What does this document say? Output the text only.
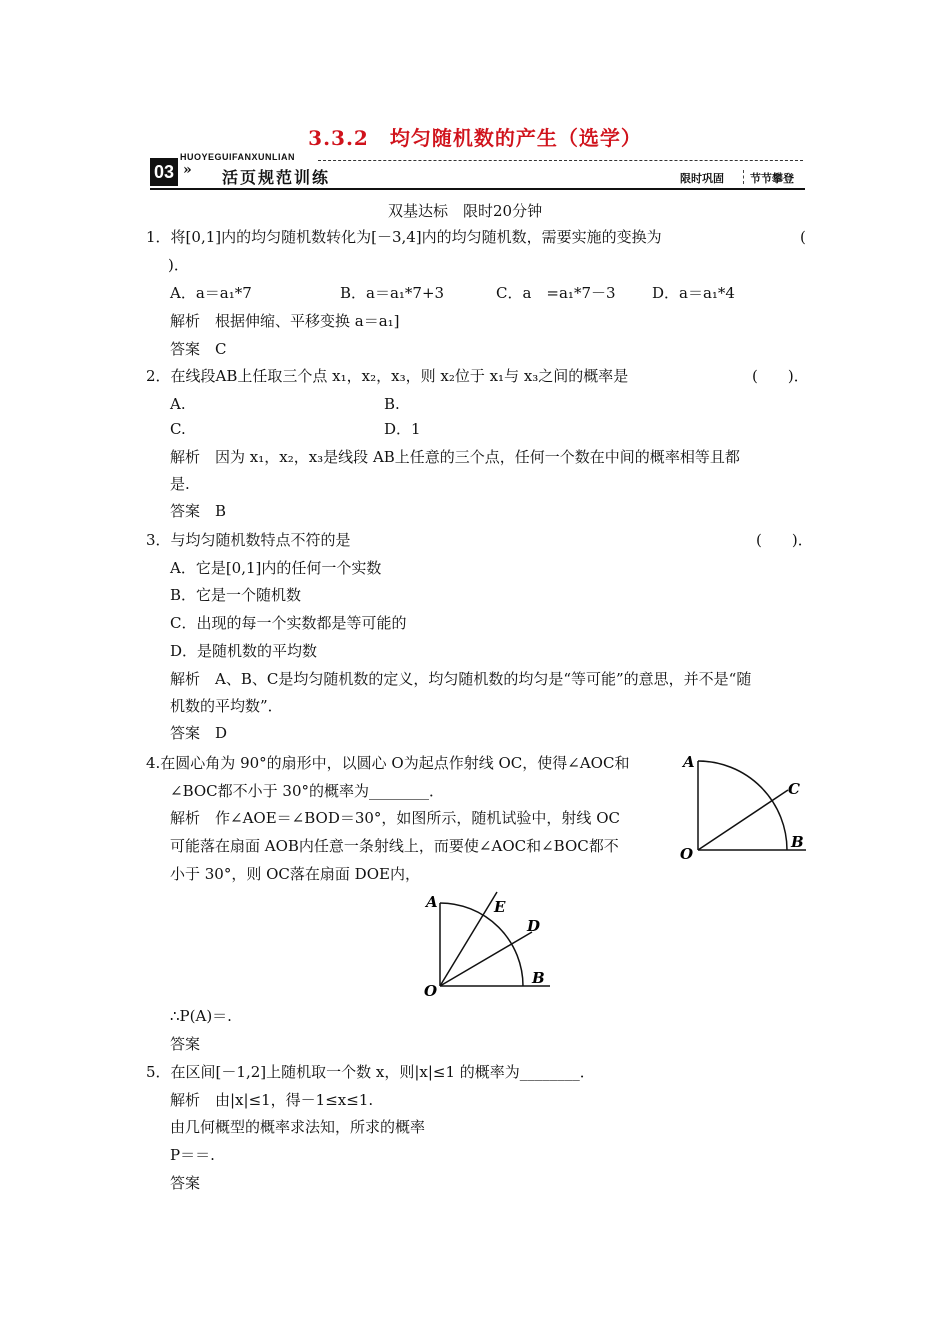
3.3.2　均匀随机数的产生（选学）
HUOYEGUIFANXUNLIAN
03 » 活页规范训练	限时巩固 节节攀登
双基达标　限时20分钟
1．将[0,1]内的均匀随机数转化为[－3,4]内的均匀随机数，需要实施的变换为	(
)．
A．a＝a₁*7	B．a＝a₁*7+3	C．a　=a₁*7－3 D．a＝a₁*4
解析　根据伸缩、平移变换 a＝a₁]
答案　C
2．在线段AB上任取三个点 x₁，x₂，x₃，则 x₂位于 x₁与 x₃之间的概率是	(　　)．
A.	B.
C.	D．1
解析　因为 x₁，x₂，x₃是线段 AB上任意的三个点，任何一个数在中间的概率相等且都
是.
答案　B
3．与均匀随机数特点不符的是	(　　)．
A．它是[0,1]内的任何一个实数
B．它是一个随机数
C．出现的每一个实数都是等可能的
D．是随机数的平均数
解析　A、B、C是均匀随机数的定义，均匀随机数的均匀是“等可能”的意思，并不是“随
机数的平均数”．
答案　D
4.在圆心角为 90°的扇形中，以圆心 O为起点作射线 OC，使得∠AOC和
∠BOC都不小于 30°的概率为________．
解析　作∠AOE＝∠BOD＝30°，如图所示，随机试验中，射线 OC
可能落在扇面 AOB内任意一条射线上，而要使∠AOC和∠BOC都不
小于 30°，则 OC落在扇面 DOE内，
A
C
B
O
A	E
D
B
O
∴P(A)＝.
答案
5．在区间[－1,2]上随机取一个数 x，则|x|≤1 的概率为________．
解析　由|x|≤1，得－1≤x≤1.
由几何概型的概率求法知，所求的概率
P＝＝.
答案
